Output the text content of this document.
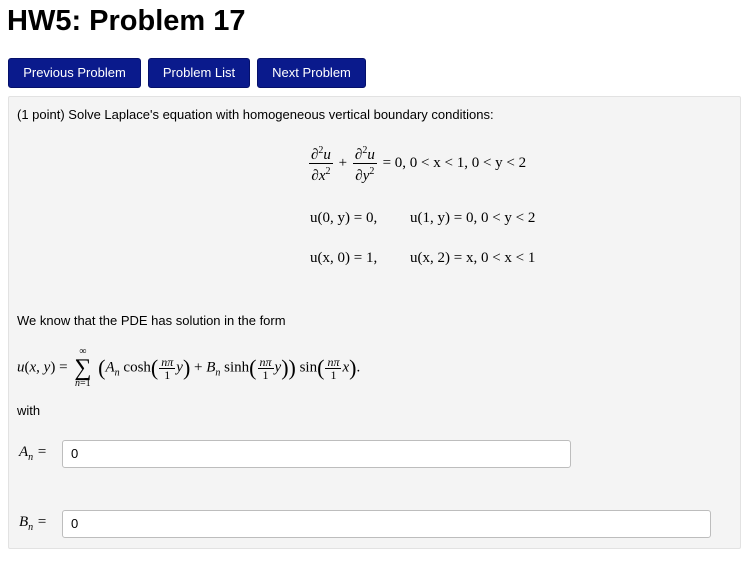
HW5: Problem 17
Previous Problem	Problem List	Next Problem
(1 point) Solve Laplace's equation with homogeneous vertical boundary conditions:
$\frac{\partial^2u}{\partial x^2} + \frac{\partial^2u}{\partial y^2} = 0$, 0 < x < 1, 0 < y < 2
u(0, y) = 0, u(1, y) = 0, 0 < y < 2
u(x, 0) = 1, u(x, 2) = x, 0 < x < 1
We know that the PDE has solution in the form
u(x, y) =
∞
∑
n=1
($A_n$ $\cosh( \frac{n\pi}{1} y) + B_n$ $\sinh( \frac{n\pi}{1} y)$) $\sin( \frac{n\pi}{1} x)$.
with
$A_n$ =	0
$B_n$ =	0
